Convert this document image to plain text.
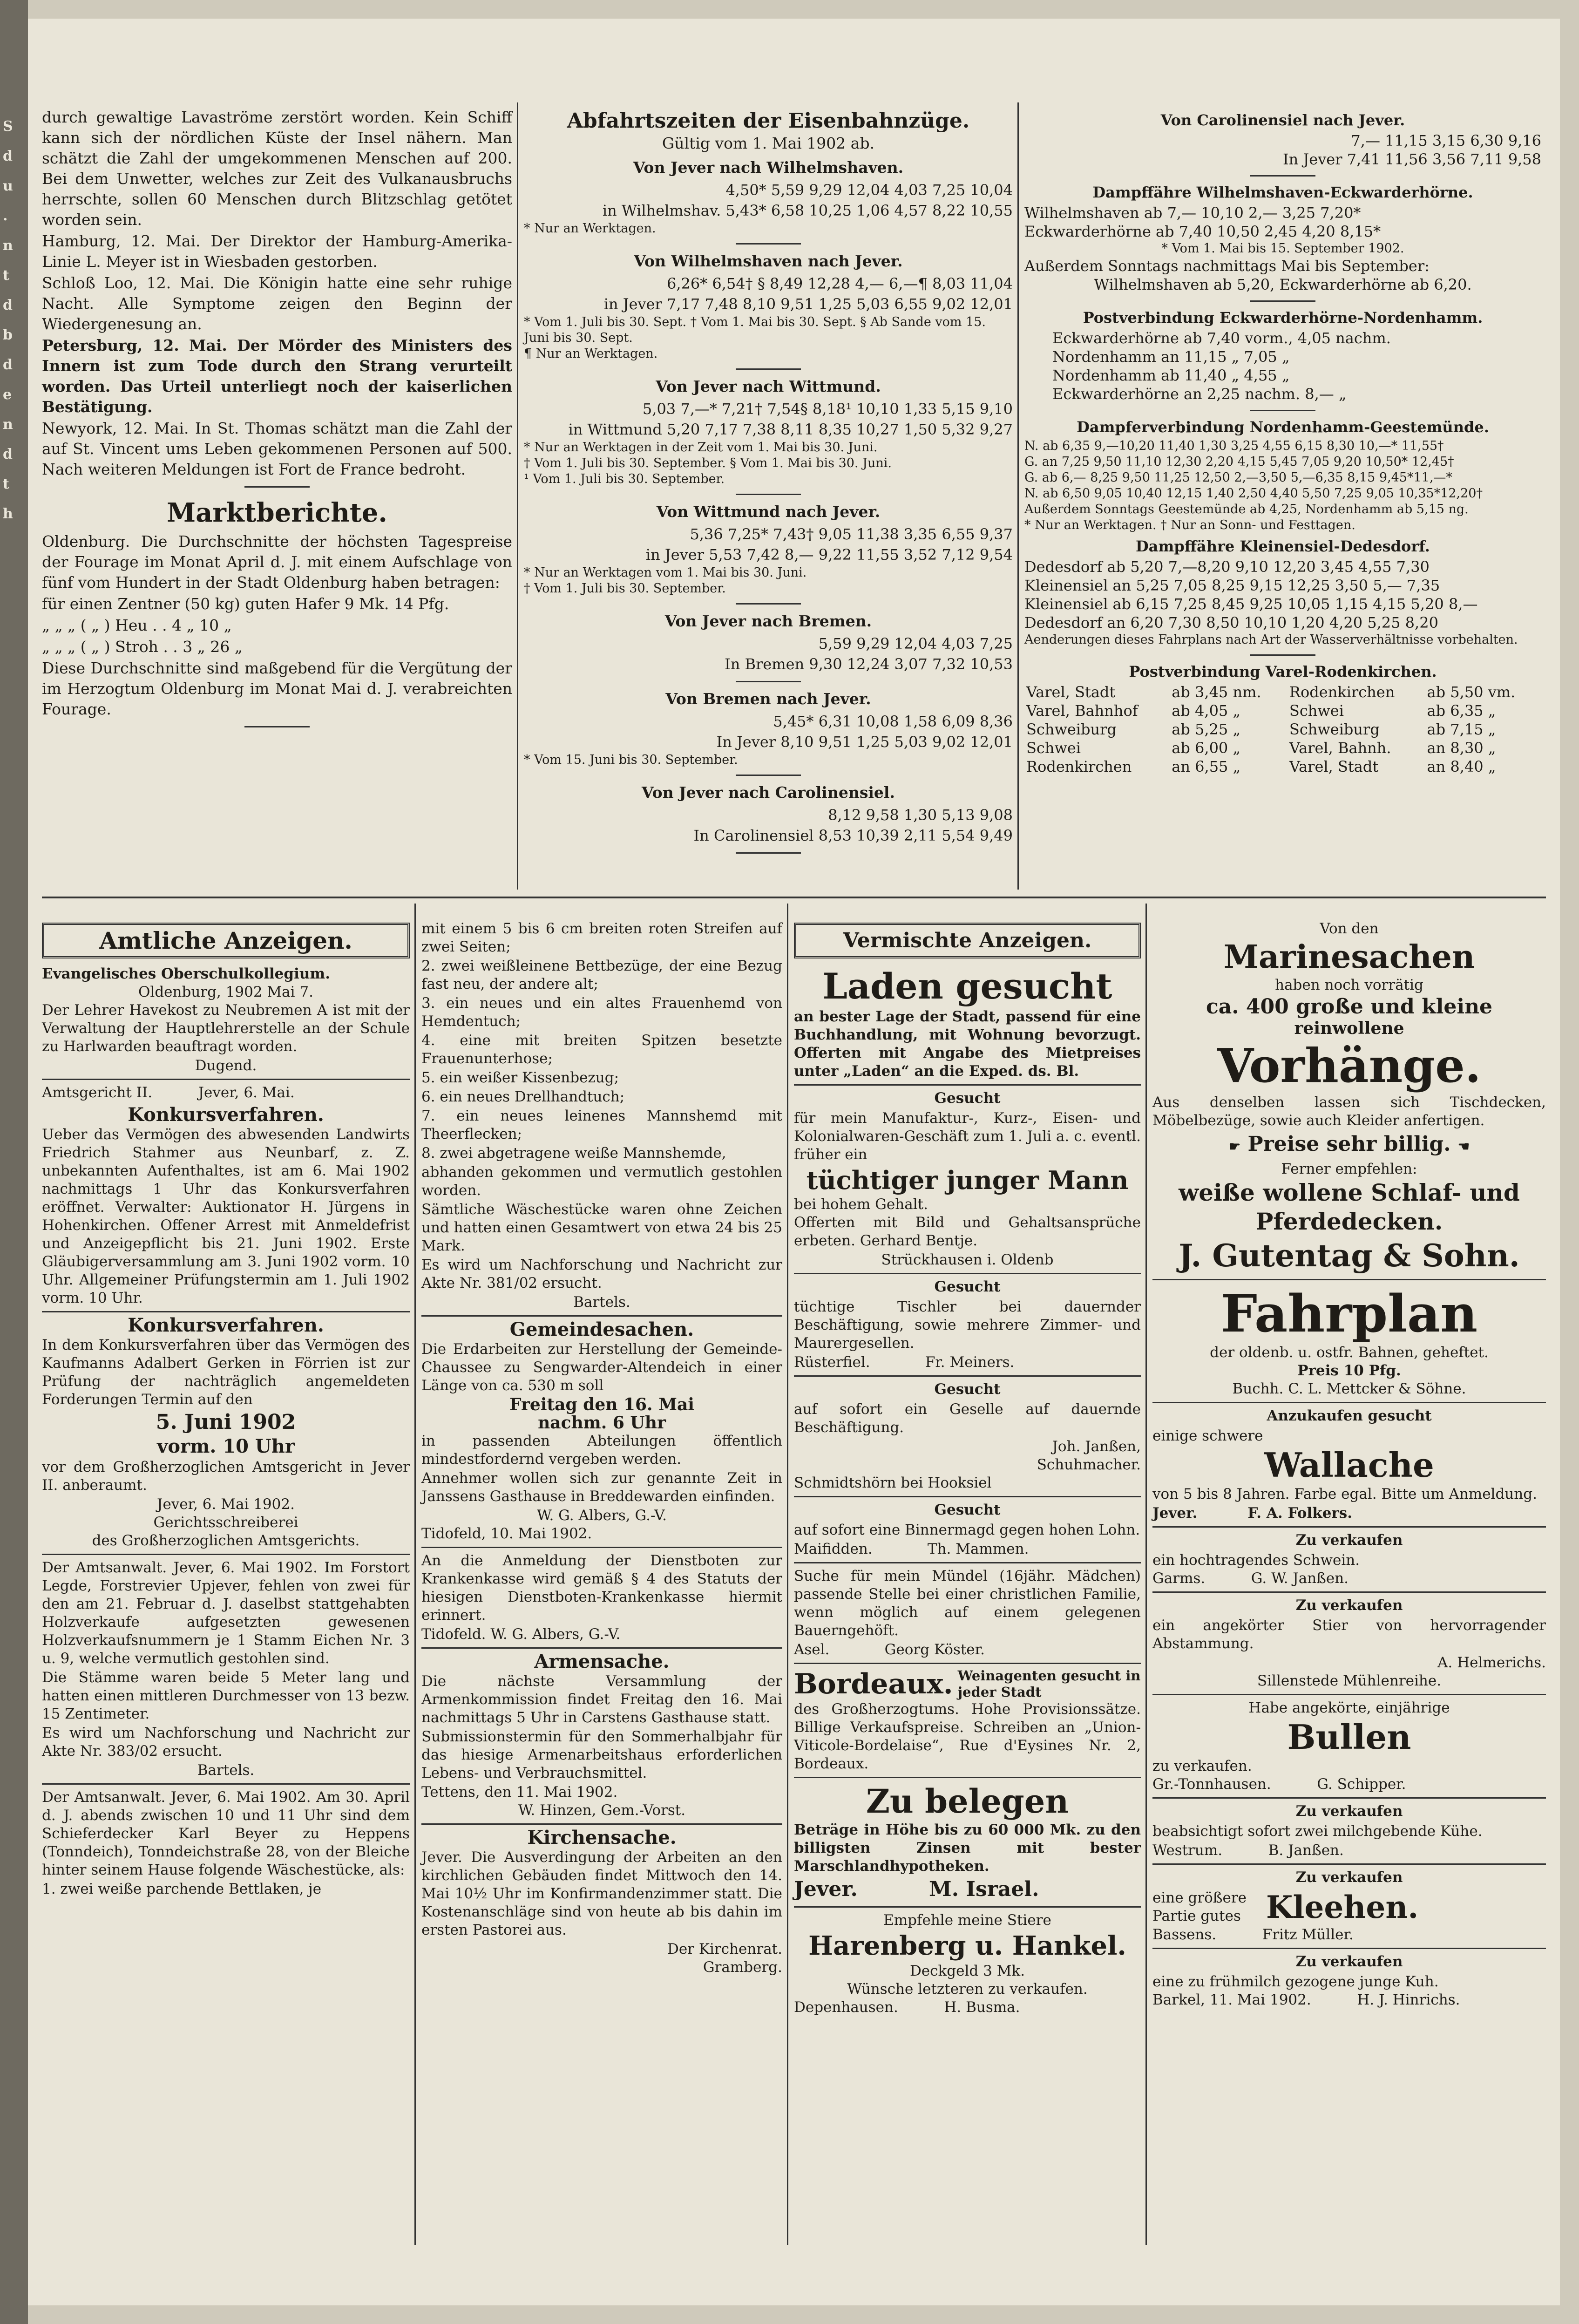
S
d
u
.
n
t
d
b
d
e
n
d
t
h

durch gewaltige Lavaströme zerstört worden. Kein Schiff kann sich der nördlichen Küste der Insel nähern. Man schätzt die Zahl der umgekommenen Menschen auf 200. Bei dem Unwetter, welches zur Zeit des Vulkanausbruchs herrschte, sollen 60 Menschen durch Blitzschlag getötet worden sein.

Hamburg, 12. Mai. Der Direktor der Hamburg-Amerika-Linie L. Meyer ist in Wiesbaden gestorben.

Schloß Loo, 12. Mai. Die Königin hatte eine sehr ruhige Nacht. Alle Symptome zeigen den Beginn der Wiedergenesung an.

Petersburg, 12. Mai. Der Mörder des Ministers des Innern ist zum Tode durch den Strang verurteilt worden. Das Urteil unterliegt noch der kaiserlichen Bestätigung.

Newyork, 12. Mai. In St. Thomas schätzt man die Zahl der auf St. Vincent ums Leben gekommenen Personen auf 500. Nach weiteren Meldungen ist Fort de France bedroht.

Marktberichte.

Oldenburg. Die Durchschnitte der höchsten Tagespreise der Fourage im Monat April d. J. mit einem Aufschlage von fünf vom Hundert in der Stadt Oldenburg haben betragen:

für einen Zentner (50 kg) guten Hafer 9 Mk. 14 Pfg.

„ „ „ ( „ ) Heu . . 4 „ 10 „

„ „ „ ( „ ) Stroh . . 3 „ 26 „

Diese Durchschnitte sind maßgebend für die Vergütung der im Herzogtum Oldenburg im Monat Mai d. J. verabreichten Fourage.

Abfahrtszeiten der Eisenbahnzüge.
Gültig vom 1. Mai 1902 ab.
Von Jever nach Wilhelmshaven.
4,50* 5,59 9,29 12,04 4,03 7,25 10,04
in Wilhelmshav. 5,43* 6,58 10,25 1,06 4,57 8,22 10,55
* Nur an Werktagen.
Von Wilhelmshaven nach Jever.
6,26* 6,54† § 8,49 12,28 4,— 6,—¶ 8,03 11,04
in Jever 7,17 7,48 8,10 9,51 1,25 5,03 6,55 9,02 12,01
* Vom 1. Juli bis 30. Sept. † Vom 1. Mai bis 30. Sept. § Ab Sande vom 15. Juni bis 30. Sept.
¶ Nur an Werktagen.
Von Jever nach Wittmund.
5,03 7,—* 7,21† 7,54§ 8,18¹ 10,10 1,33 5,15 9,10
in Wittmund 5,20 7,17 7,38 8,11 8,35 10,27 1,50 5,32 9,27
* Nur an Werktagen in der Zeit vom 1. Mai bis 30. Juni.
† Vom 1. Juli bis 30. September. § Vom 1. Mai bis 30. Juni.
¹ Vom 1. Juli bis 30. September.
Von Wittmund nach Jever.
5,36 7,25* 7,43† 9,05 11,38 3,35 6,55 9,37
in Jever 5,53 7,42 8,— 9,22 11,55 3,52 7,12 9,54
* Nur an Werktagen vom 1. Mai bis 30. Juni.
† Vom 1. Juli bis 30. September.
Von Jever nach Bremen.
5,59 9,29 12,04 4,03 7,25
In Bremen 9,30 12,24 3,07 7,32 10,53
Von Bremen nach Jever.
5,45* 6,31 10,08 1,58 6,09 8,36
In Jever 8,10 9,51 1,25 5,03 9,02 12,01
* Vom 15. Juni bis 30. September.
Von Jever nach Carolinensiel.
8,12 9,58 1,30 5,13 9,08
In Carolinensiel 8,53 10,39 2,11 5,54 9,49
Von Carolinensiel nach Jever.
7,— 11,15 3,15 6,30 9,16
In Jever 7,41 11,56 3,56 7,11 9,58
Dampffähre Wilhelmshaven-Eckwarderhörne.
Wilhelmshaven ab 7,— 10,10 2,— 3,25 7,20*
Eckwarderhörne ab 7,40 10,50 2,45 4,20 8,15*
* Vom 1. Mai bis 15. September 1902.
Außerdem Sonntags nachmittags Mai bis September:
Wilhelmshaven ab 5,20, Eckwarderhörne ab 6,20.
Postverbindung Eckwarderhörne-Nordenhamm.
Eckwarderhörne ab 7,40 vorm., 4,05 nachm.
Nordenhamm an 11,15 „ 7,05 „
Nordenhamm ab 11,40 „ 4,55 „
Eckwarderhörne an 2,25 nachm. 8,— „
Dampferverbindung Nordenhamm-Geestemünde.
N. ab 6,35 9,—10,20 11,40 1,30 3,25 4,55 6,15 8,30 10,—* 11,55†
G. an 7,25 9,50 11,10 12,30 2,20 4,15 5,45 7,05 9,20 10,50* 12,45†
G. ab 6,— 8,25 9,50 11,25 12,50 2,—3,50 5,—6,35 8,15 9,45*11,—*
N. ab 6,50 9,05 10,40 12,15 1,40 2,50 4,40 5,50 7,25 9,05 10,35*12,20†
Außerdem Sonntags Geestemünde ab 4,25, Nordenhamm ab 5,15 ng.
* Nur an Werktagen. † Nur an Sonn- und Festtagen.
Dampffähre Kleinensiel-Dedesdorf.
Dedesdorf ab 5,20 7,—8,20 9,10 12,20 3,45 4,55 7,30
Kleinensiel an 5,25 7,05 8,25 9,15 12,25 3,50 5,— 7,35
Kleinensiel ab 6,15 7,25 8,45 9,25 10,05 1,15 4,15 5,20 8,—
Dedesdorf an 6,20 7,30 8,50 10,10 1,20 4,20 5,25 8,20
Aenderungen dieses Fahrplans nach Art der Wasserverhältnisse vorbehalten.
Postverbindung Varel-Rodenkirchen.
Varel, Stadt	ab 3,45 nm.	Rodenkirchen	ab 5,50 vm.
Varel, Bahnhof	ab 4,05 „	Schwei	ab 6,35 „
Schweiburg	ab 5,25 „	Schweiburg	ab 7,15 „
Schwei	ab 6,00 „	Varel, Bahnh.	an 8,30 „
Rodenkirchen	an 6,55 „	Varel, Stadt	an 8,40 „
Amtliche Anzeigen.
Evangelisches Oberschulkollegium.
Oldenburg, 1902 Mai 7.

Der Lehrer Havekost zu Neubremen A ist mit der Verwaltung der Hauptlehrerstelle an der Schule zu Harlwarden beauftragt worden.

Dugend.
Amtsgericht II.          Jever, 6. Mai.
Konkursverfahren.

Ueber das Vermögen des abwesenden Landwirts Friedrich Stahmer aus Neunbarf, z. Z. unbekannten Aufenthaltes, ist am 6. Mai 1902 nachmittags 1 Uhr das Konkursverfahren eröffnet. Verwalter: Auktionator H. Jürgens in Hohenkirchen. Offener Arrest mit Anmeldefrist und Anzeigepflicht bis 21. Juni 1902. Erste Gläubigerversammlung am 3. Juni 1902 vorm. 10 Uhr. Allgemeiner Prüfungstermin am 1. Juli 1902 vorm. 10 Uhr.

Konkursverfahren.

In dem Konkursverfahren über das Vermögen des Kaufmanns Adalbert Gerken in Förrien ist zur Prüfung der nachträglich angemeldeten Forderungen Termin auf den

5. Juni 1902
vorm. 10 Uhr

vor dem Großherzoglichen Amtsgericht in Jever II. anberaumt.

Jever, 6. Mai 1902.
Gerichtsschreiberei
des Großherzoglichen Amtsgerichts.

Der Amtsanwalt. Jever, 6. Mai 1902. Im Forstort Legde, Forstrevier Upjever, fehlen von zwei für den am 21. Februar d. J. daselbst stattgehabten Holzverkaufe aufgesetzten gewesenen Holzverkaufsnummern je 1 Stamm Eichen Nr. 3 u. 9, welche vermutlich gestohlen sind.

Die Stämme waren beide 5 Meter lang und hatten einen mittleren Durchmesser von 13 bezw. 15 Zentimeter.

Es wird um Nachforschung und Nachricht zur Akte Nr. 383/02 ersucht.

Bartels.

Der Amtsanwalt. Jever, 6. Mai 1902. Am 30. April d. J. abends zwischen 10 und 11 Uhr sind dem Schieferdecker Karl Beyer zu Heppens (Tonndeich), Tonndeichstraße 28, von der Bleiche hinter seinem Hause folgende Wäschestücke, als:

1. zwei weiße parchende Bettlaken, je

mit einem 5 bis 6 cm breiten roten Streifen auf zwei Seiten;

2. zwei weißleinene Bettbezüge, der eine Bezug fast neu, der andere alt;

3. ein neues und ein altes Frauenhemd von Hemdentuch;

4. eine mit breiten Spitzen besetzte Frauenunterhose;

5. ein weißer Kissenbezug;

6. ein neues Drellhandtuch;

7. ein neues leinenes Mannshemd mit Theerflecken;

8. zwei abgetragene weiße Mannshemde,

abhanden gekommen und vermutlich gestohlen worden.

Sämtliche Wäschestücke waren ohne Zeichen und hatten einen Gesamtwert von etwa 24 bis 25 Mark.

Es wird um Nachforschung und Nachricht zur Akte Nr. 381/02 ersucht.

Bartels.
Gemeindesachen.

Die Erdarbeiten zur Herstellung der Gemeinde-Chaussee zu Sengwarder-Altendeich in einer Länge von ca. 530 m soll

Freitag den 16. Mai
nachm. 6 Uhr

in passenden Abteilungen öffentlich mindestfordernd vergeben werden.

Annehmer wollen sich zur genannte Zeit in Janssens Gasthause in Breddewarden einfinden.

W. G. Albers, G.-V.
Tidofeld, 10. Mai 1902.

An die Anmeldung der Dienstboten zur Krankenkasse wird gemäß § 4 des Statuts der hiesigen Dienstboten-Krankenkasse hiermit erinnert.

Tidofeld. W. G. Albers, G.-V.
Armensache.

Die nächste Versammlung der Armenkommission findet Freitag den 16. Mai nachmittags 5 Uhr in Carstens Gasthause statt.

Submissionstermin für den Sommerhalbjahr für das hiesige Armenarbeitshaus erforderlichen Lebens- und Verbrauchsmittel.

Tettens, den 11. Mai 1902.
W. Hinzen, Gem.-Vorst.
Kirchensache.

Jever. Die Ausverdingung der Arbeiten an den kirchlichen Gebäuden findet Mittwoch den 14. Mai 10½ Uhr im Konfirmandenzimmer statt. Die Kostenanschläge sind von heute ab bis dahin im ersten Pastorei aus.

Der Kirchenrat.
Gramberg.
Vermischte Anzeigen.
Laden gesucht

an bester Lage der Stadt, passend für eine Buchhandlung, mit Wohnung bevorzugt. Offerten mit Angabe des Mietpreises unter „Laden“ an die Exped. ds. Bl.

Gesucht

für mein Manufaktur-, Kurz-, Eisen- und Kolonialwaren-Geschäft zum 1. Juli a. c. eventl. früher ein

tüchtiger junger Mann
bei hohem Gehalt.

Offerten mit Bild und Gehaltsansprüche erbeten. Gerhard Bentje.

Strückhausen i. Oldenb
Gesucht

tüchtige Tischler bei dauernder Beschäftigung, sowie mehrere Zimmer- und Maurergesellen.

Rüsterfiel.            Fr. Meiners.
Gesucht

auf sofort ein Geselle auf dauernde Beschäftigung.

Joh. Janßen,
Schuhmacher.
Schmidtshörn bei Hooksiel
Gesucht

auf sofort eine Binnermagd gegen hohen Lohn.

Maifidden.            Th. Mammen.

Suche für mein Mündel (16jähr. Mädchen) passende Stelle bei einer christlichen Familie, wenn möglich auf einem gelegenen Bauerngehöft.

Asel.            Georg Köster.
Bordeaux. Weinagenten gesucht in jeder Stadt

des Großherzogtums. Hohe Provisionssätze. Billige Verkaufspreise. Schreiben an „Union-Viticole-Bordelaise“, Rue d'Eysines Nr. 2, Bordeaux.

Zu belegen

Beträge in Höhe bis zu 60 000 Mk. zu den billigsten Zinsen mit bester Marschlandhypotheken.

Jever.          M. Israel.
Empfehle meine Stiere
Harenberg u. Hankel.
Deckgeld 3 Mk.
Wünsche letzteren zu verkaufen.
Depenhausen.          H. Busma.
Von den
Marinesachen
haben noch vorrätig
ca. 400 große und kleine
reinwollene
Vorhänge.

Aus denselben lassen sich Tischdecken, Möbelbezüge, sowie auch Kleider anfertigen.

☛ Preise sehr billig. ☚
Ferner empfehlen:
weiße wollene Schlaf- und Pferdedecken.
J. Gutentag & Sohn.
Fahrplan
der oldenb. u. ostfr. Bahnen, geheftet.
Preis 10 Pfg.
Buchh. C. L. Mettcker & Söhne.
Anzukaufen gesucht
einige schwere
Wallache

von 5 bis 8 Jahren. Farbe egal. Bitte um Anmeldung.

Jever.          F. A. Folkers.
Zu verkaufen
ein hochtragendes Schwein.
Garms.          G. W. Janßen.
Zu verkaufen

ein angekörter Stier von hervorragender Abstammung.

A. Helmerichs.
Sillenstede Mühlenreihe.
Habe angekörte, einjährige
Bullen
zu verkaufen.
Gr.-Tonnhausen.          G. Schipper.
Zu verkaufen

beabsichtigt sofort zwei milchgebende Kühe.

Westrum.          B. Janßen.
Zu verkaufen
eine größere Partie gutes Kleehen.
Bassens.          Fritz Müller.
Zu verkaufen
eine zu frühmilch gezogene junge Kuh.
Barkel, 11. Mai 1902.          H. J. Hinrichs.
